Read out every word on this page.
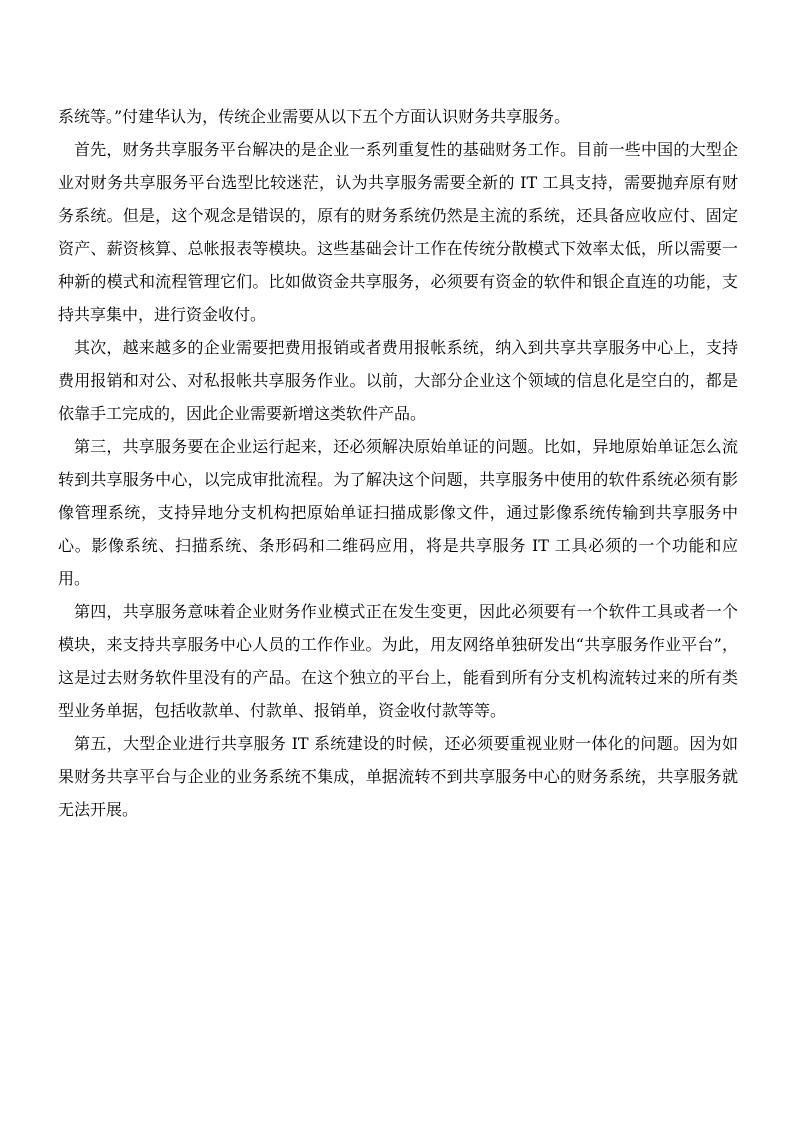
系统等。”付建华认为，传统企业需要从以下五个方面认识财务共享服务。

首先，财务共享服务平台解决的是企业一系列重复性的基础财务工作。目前一些中国的大型企业对财务共享服务平台选型比较迷茫，认为共享服务需要全新的 IT 工具支持，需要抛弃原有财务系统。但是，这个观念是错误的，原有的财务系统仍然是主流的系统，还具备应收应付、固定资产、薪资核算、总帐报表等模块。这些基础会计工作在传统分散模式下效率太低，所以需要一种新的模式和流程管理它们。比如做资金共享服务，必须要有资金的软件和银企直连的功能，支持共享集中，进行资金收付。

其次，越来越多的企业需要把费用报销或者费用报帐系统，纳入到共享共享服务中心上，支持费用报销和对公、对私报帐共享服务作业。以前，大部分企业这个领域的信息化是空白的，都是依靠手工完成的，因此企业需要新增这类软件产品。

第三，共享服务要在企业运行起来，还必须解决原始单证的问题。比如，异地原始单证怎么流转到共享服务中心，以完成审批流程。为了解决这个问题，共享服务中使用的软件系统必须有影像管理系统，支持异地分支机构把原始单证扫描成影像文件，通过影像系统传输到共享服务中心。影像系统、扫描系统、条形码和二维码应用，将是共享服务 IT 工具必须的一个功能和应用。

第四，共享服务意味着企业财务作业模式正在发生变更，因此必须要有一个软件工具或者一个模块，来支持共享服务中心人员的工作作业。为此，用友网络单独研发出“共享服务作业平台”，这是过去财务软件里没有的产品。在这个独立的平台上，能看到所有分支机构流转过来的所有类型业务单据，包括收款单、付款单、报销单，资金收付款等等。

第五，大型企业进行共享服务 IT 系统建设的时候，还必须要重视业财一体化的问题。因为如果财务共享平台与企业的业务系统不集成，单据流转不到共享服务中心的财务系统，共享服务就无法开展。
